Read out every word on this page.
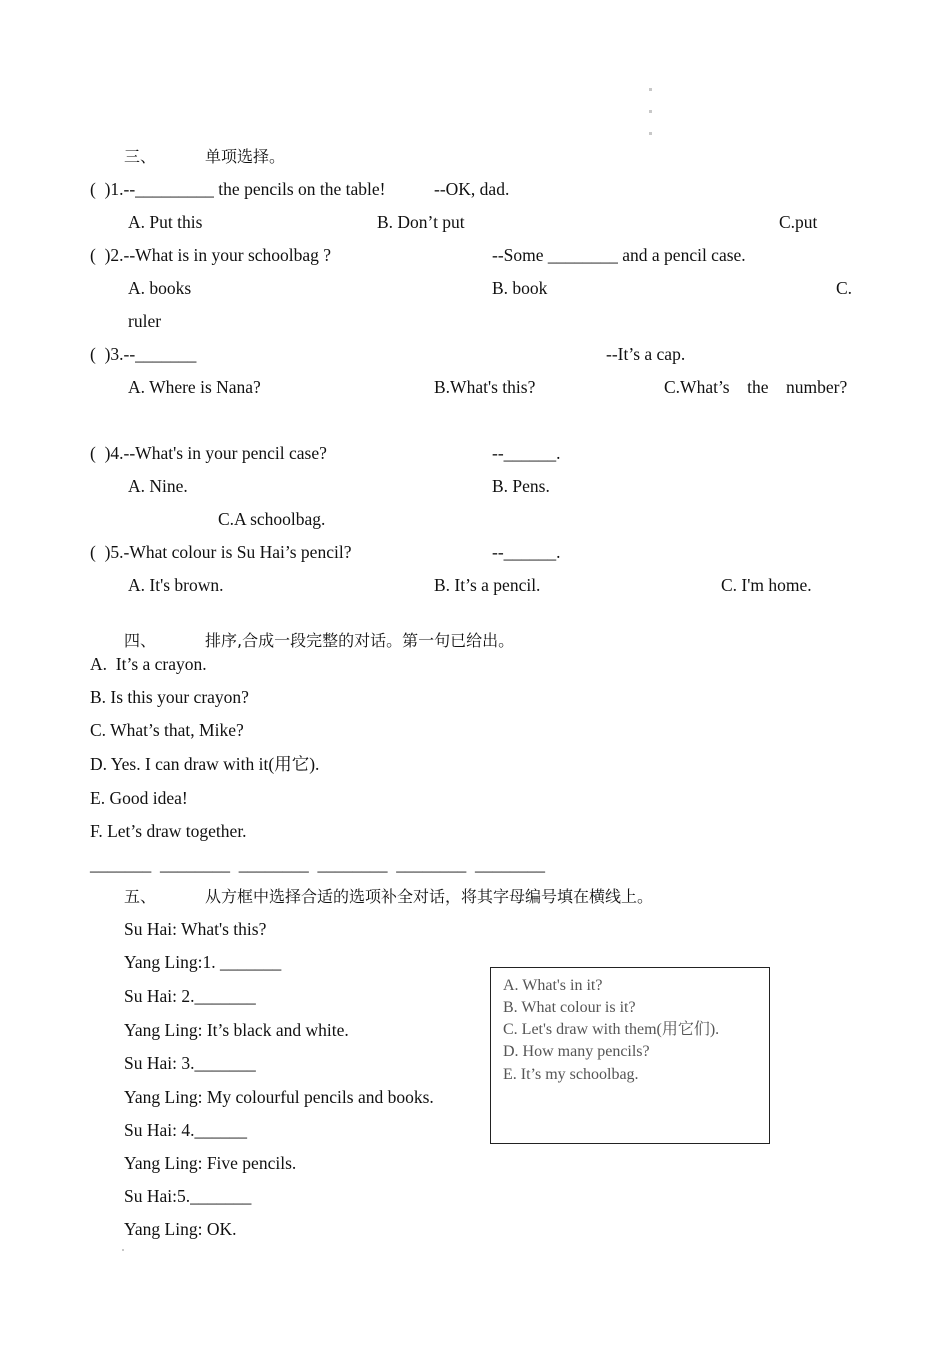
三、	单项选择。
(  )1.--_________ the pencils on the table!	--OK, dad.
A. Put this	B. Don’t put	C.put
(  )2.--What is in your schoolbag ?	--Some ________ and a pencil case.
A. books	B. book	C.
ruler
(  )3.--_______	--It’s a cap.
A. Where is Nana?	B.What's this?	C.What’s    the    number?
(  )4.--What's in your pencil case?	--______.
A. Nine.	B. Pens.
C.A schoolbag.
(  )5.-What colour is Su Hai’s pencil?	--______.
A. It's brown.	B. It’s a pencil.	C. I'm home.
四、	排序,合成一段完整的对话。第一句已给出。
A.  It’s a crayon.
B. Is this your crayon?
C. What’s that, Mike?
D. Yes. I can draw with it(用它).
E. Good idea!
F. Let’s draw together.
_______  ________  ________  ________  ________  ________
五、	从方框中选择合适的选项补全对话，将其字母编号填在横线上。
Su Hai: What's this?
Yang Ling:1. _______
Su Hai: 2._______
Yang Ling: It’s black and white.
Su Hai: 3._______
Yang Ling: My colourful pencils and books.
Su Hai: 4.______
Yang Ling: Five pencils.
Su Hai:5._______
Yang Ling: OK.
A. What's in it?
B. What colour is it?
C. Let's draw with them(用它们).
D. How many pencils?
E. It’s my schoolbag.
